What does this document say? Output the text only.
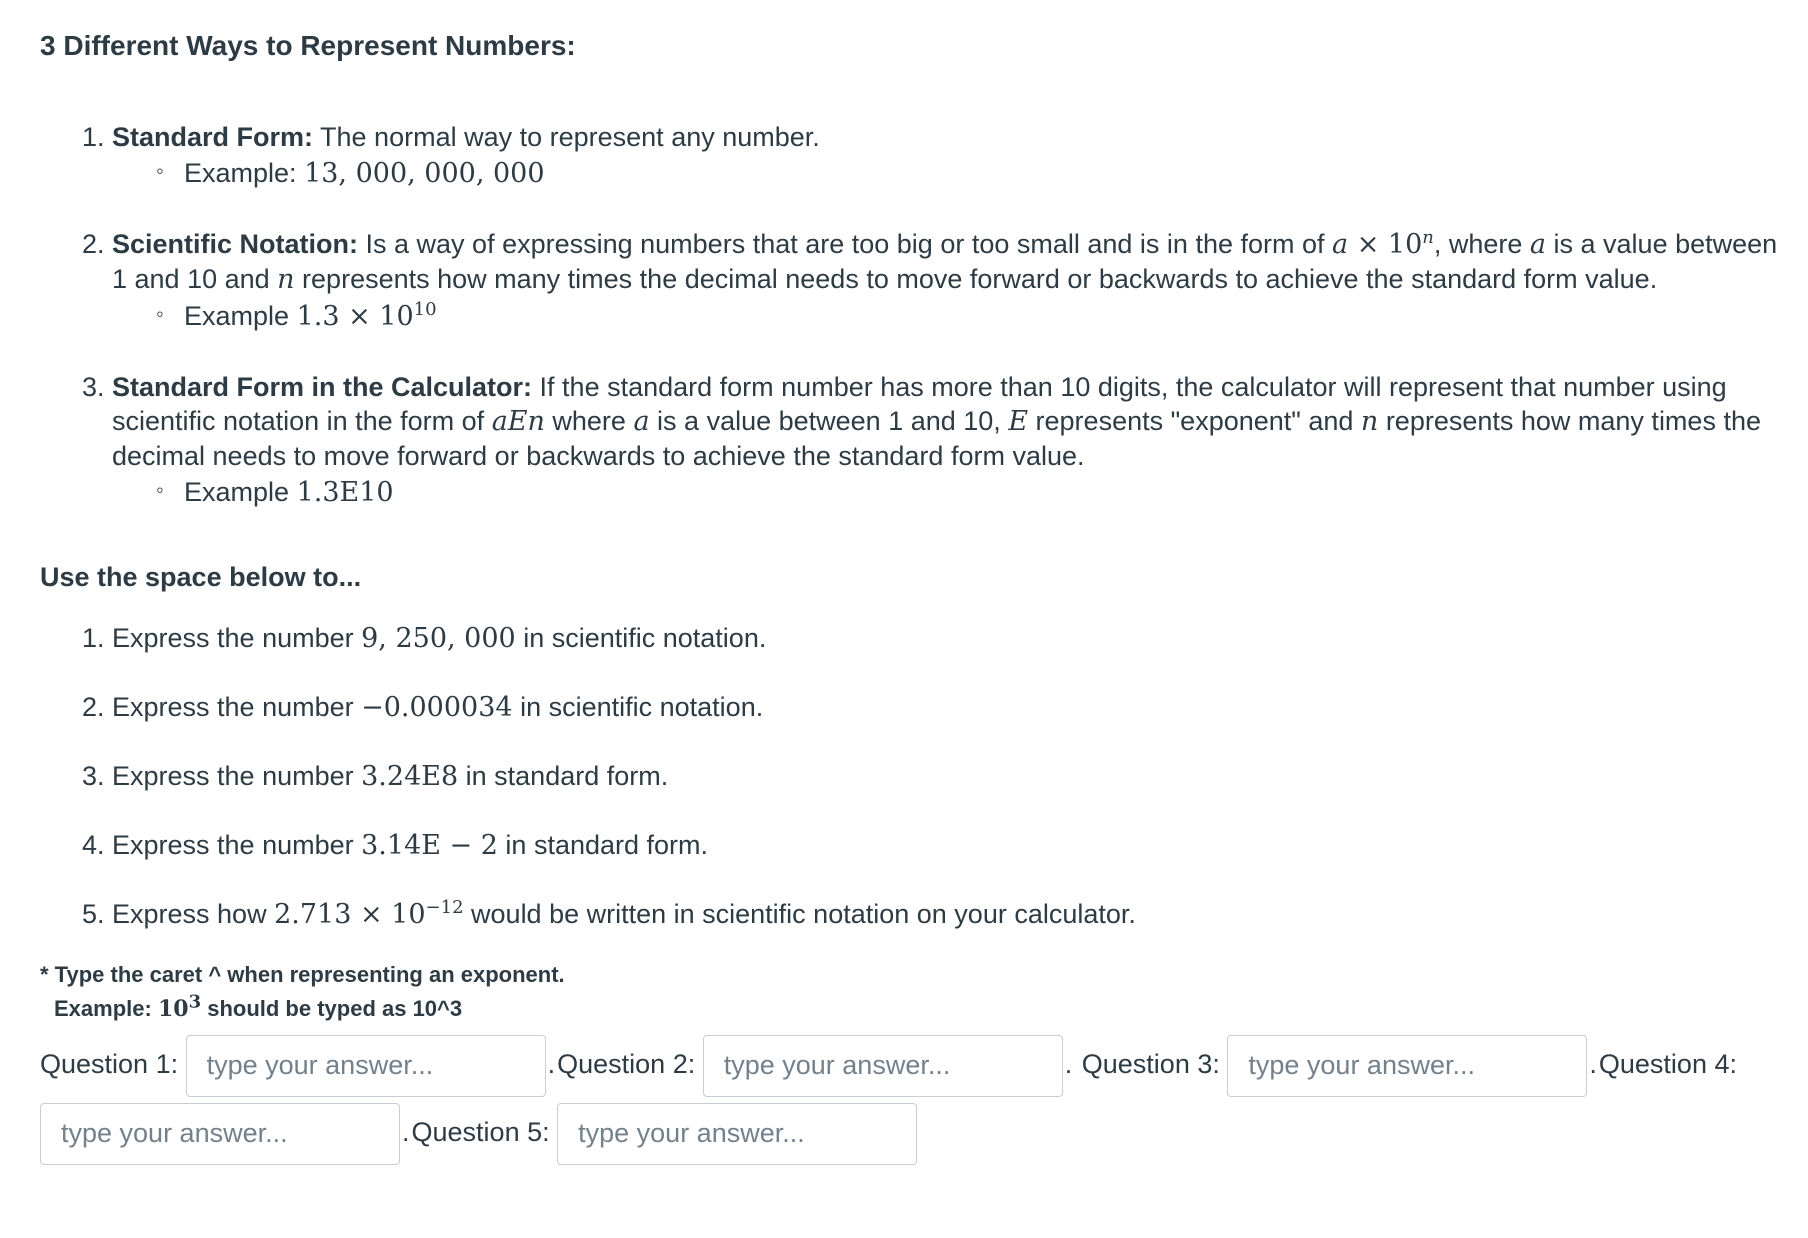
3 Different Ways to Represent Numbers:

1. Standard Form: The normal way to represent any number.
◦ Example: 13, 000, 000, 000
2. Scientific Notation: Is a way of expressing numbers that are too big or too small and is in the form of $a \times 10^n$, where a is a value between 1 and 10 and n represents how many times the decimal needs to move forward or backwards to achieve the standard form value.
◦ Example $1.3 \times 10^{10}$
3. Standard Form in the Calculator: If the standard form number has more than 10 digits, the calculator will represent that number using scientific notation in the form of aEn where a is a value between 1 and 10, E represents "exponent" and n represents how many times the decimal needs to move forward or backwards to achieve the standard form value.
◦ Example 1.3E10

Use the space below to...

1. Express the number 9, 250, 000 in scientific notation.
2. Express the number −0.000034 in scientific notation.
3. Express the number 3.24E8 in standard form.
4. Express the number 3.14E − 2 in standard form.
5. Express how $2.713 \times 10^{-12}$ would be written in scientific notation on your calculator.
* Type the caret ^ when representing an exponent.
Example: $10^3$ should be typed as 10^3
Question 1: type your answer...	.Question 2: type your answer...	. Question 3: type your answer...	.Question 4:
type your answer....Question 5: type your answer...
